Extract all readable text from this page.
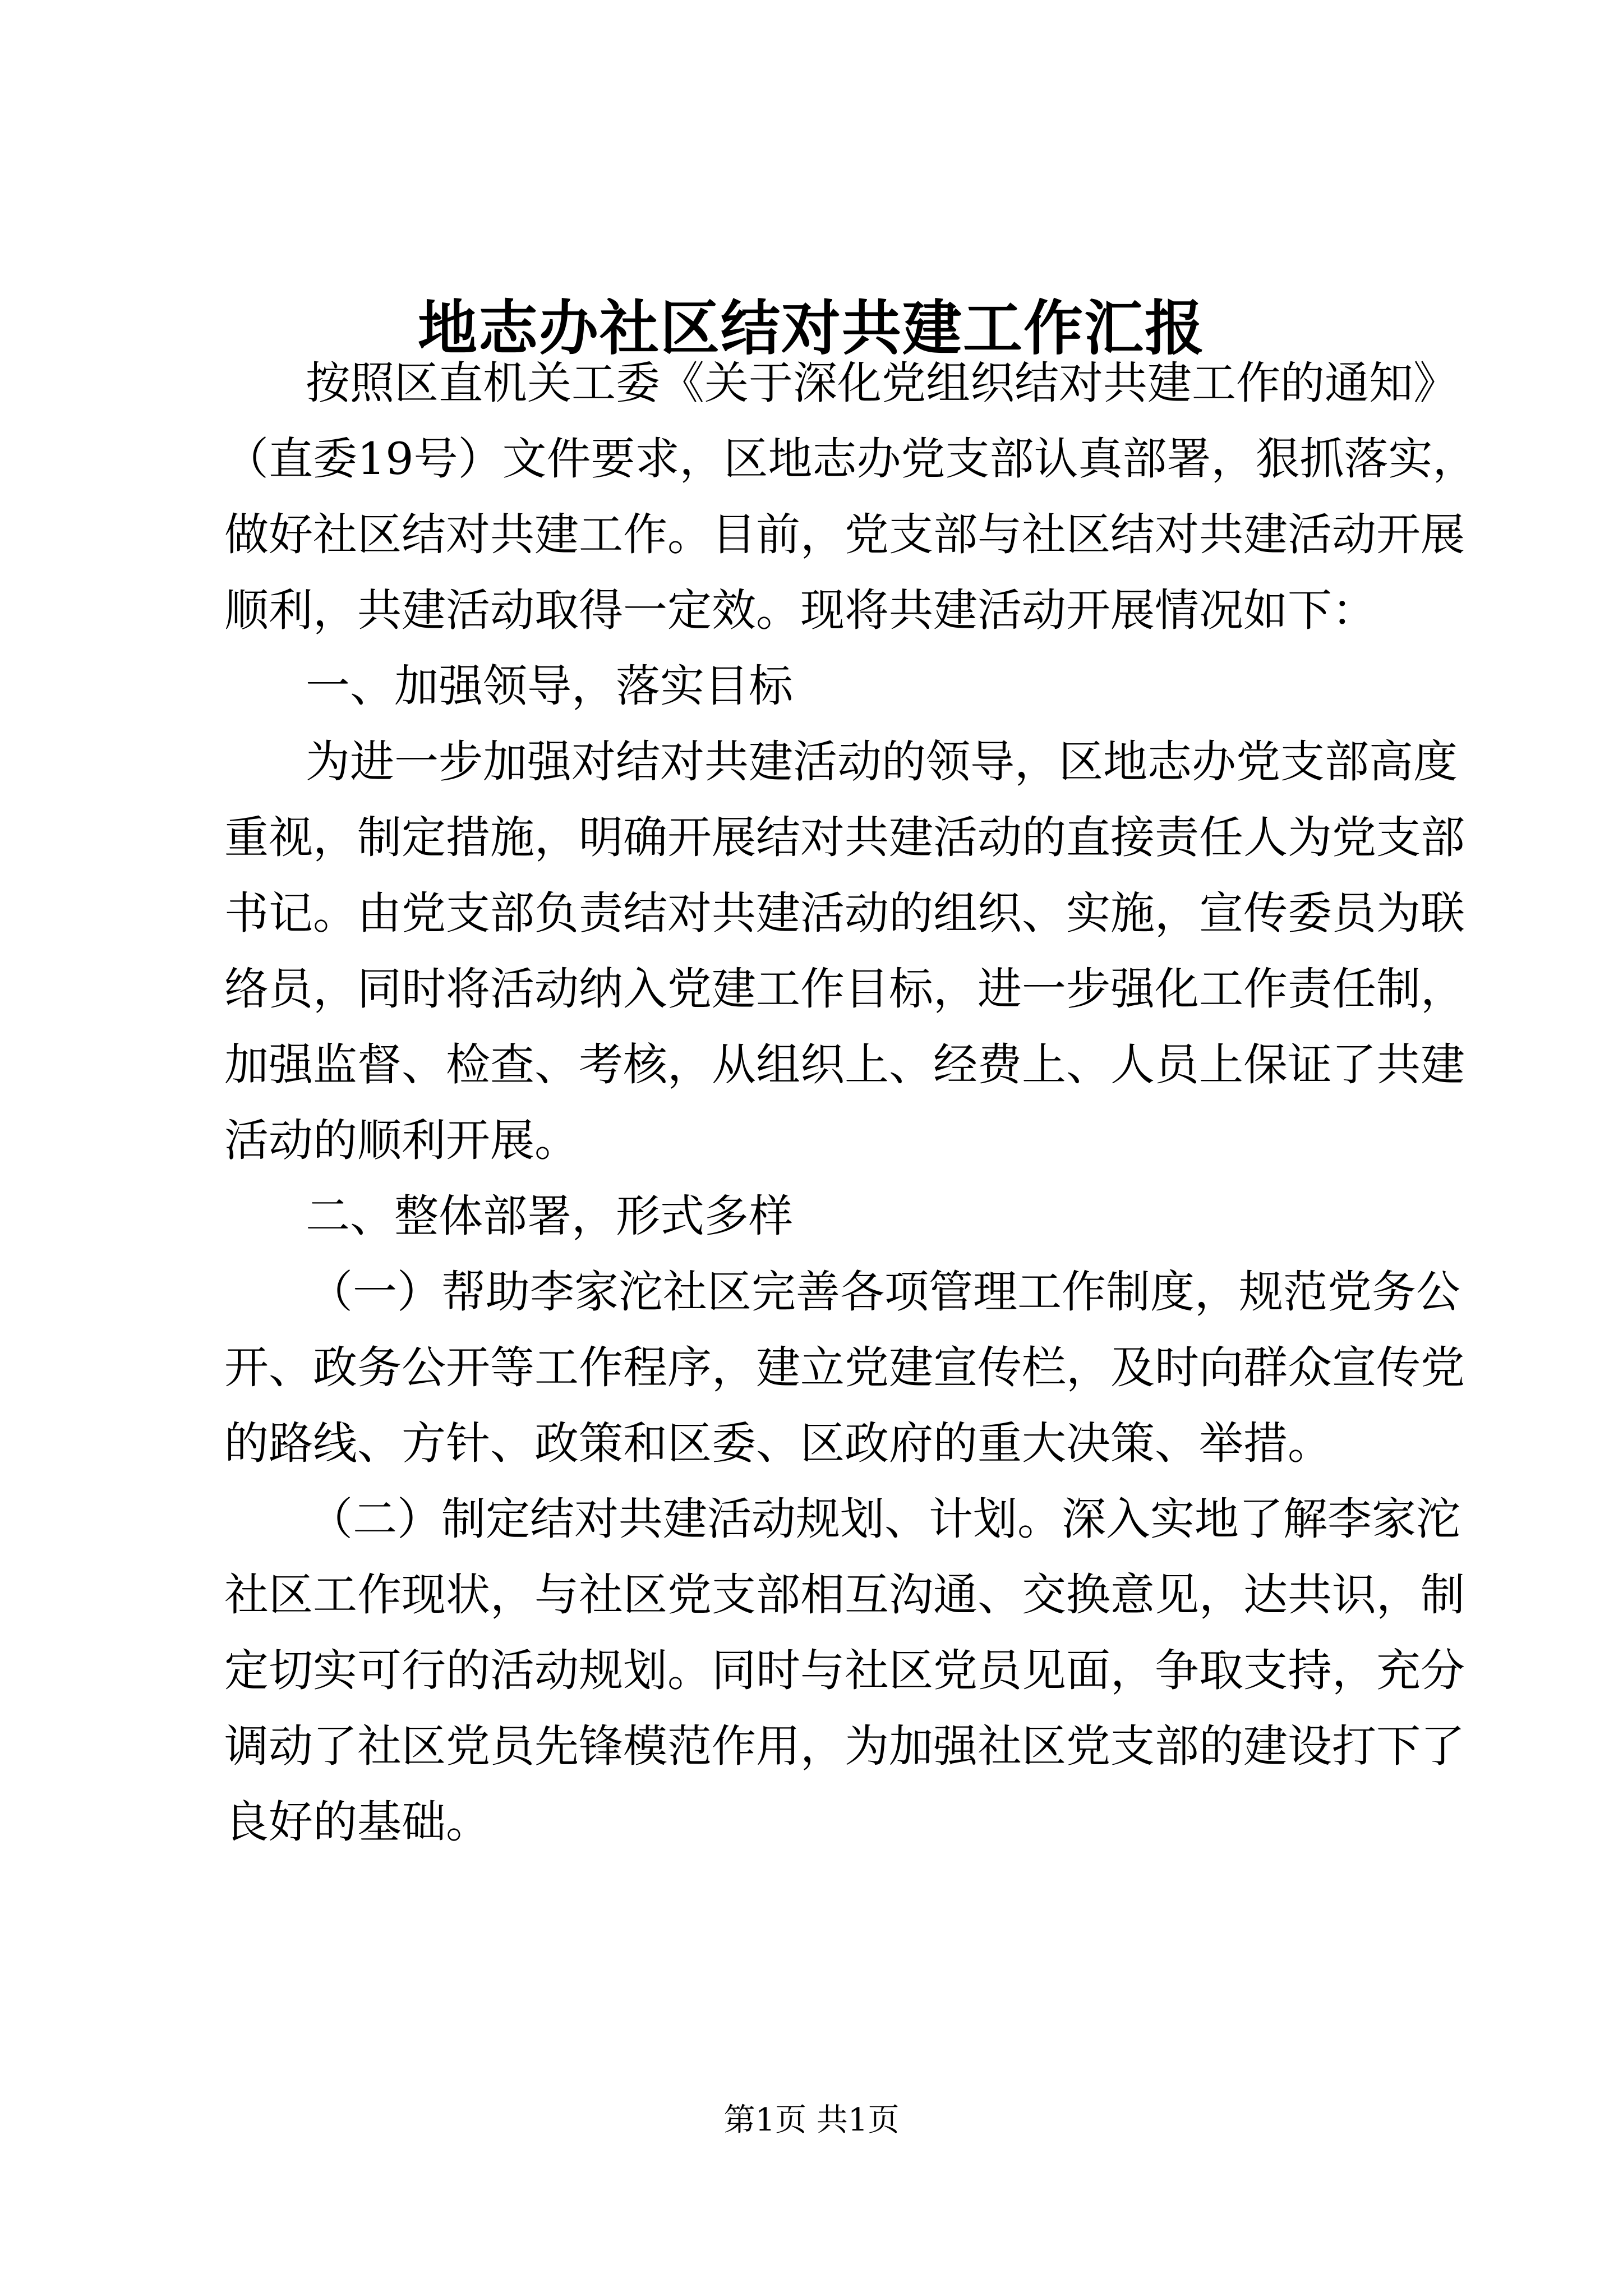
地志办社区结对共建工作汇报
按照区直机关工委《关于深化党组织结对共建工作的通知》
（直委19号）文件要求，区地志办党支部认真部署，狠抓落实，
做好社区结对共建工作。目前，党支部与社区结对共建活动开展
顺利，共建活动取得一定效。现将共建活动开展情况如下：
一、加强领导，落实目标
为进一步加强对结对共建活动的领导，区地志办党支部高度
重视，制定措施，明确开展结对共建活动的直接责任人为党支部
书记。由党支部负责结对共建活动的组织、实施，宣传委员为联
络员，同时将活动纳入党建工作目标，进一步强化工作责任制，
加强监督、检查、考核，从组织上、经费上、人员上保证了共建
活动的顺利开展。
二、整体部署，形式多样
（一）帮助李家沱社区完善各项管理工作制度，规范党务公
开、政务公开等工作程序，建立党建宣传栏，及时向群众宣传党
的路线、方针、政策和区委、区政府的重大决策、举措。
（二）制定结对共建活动规划、计划。深入实地了解李家沱
社区工作现状，与社区党支部相互沟通、交换意见，达共识，制
定切实可行的活动规划。同时与社区党员见面，争取支持，充分
调动了社区党员先锋模范作用，为加强社区党支部的建设打下了
良好的基础。
第1页 共1页
